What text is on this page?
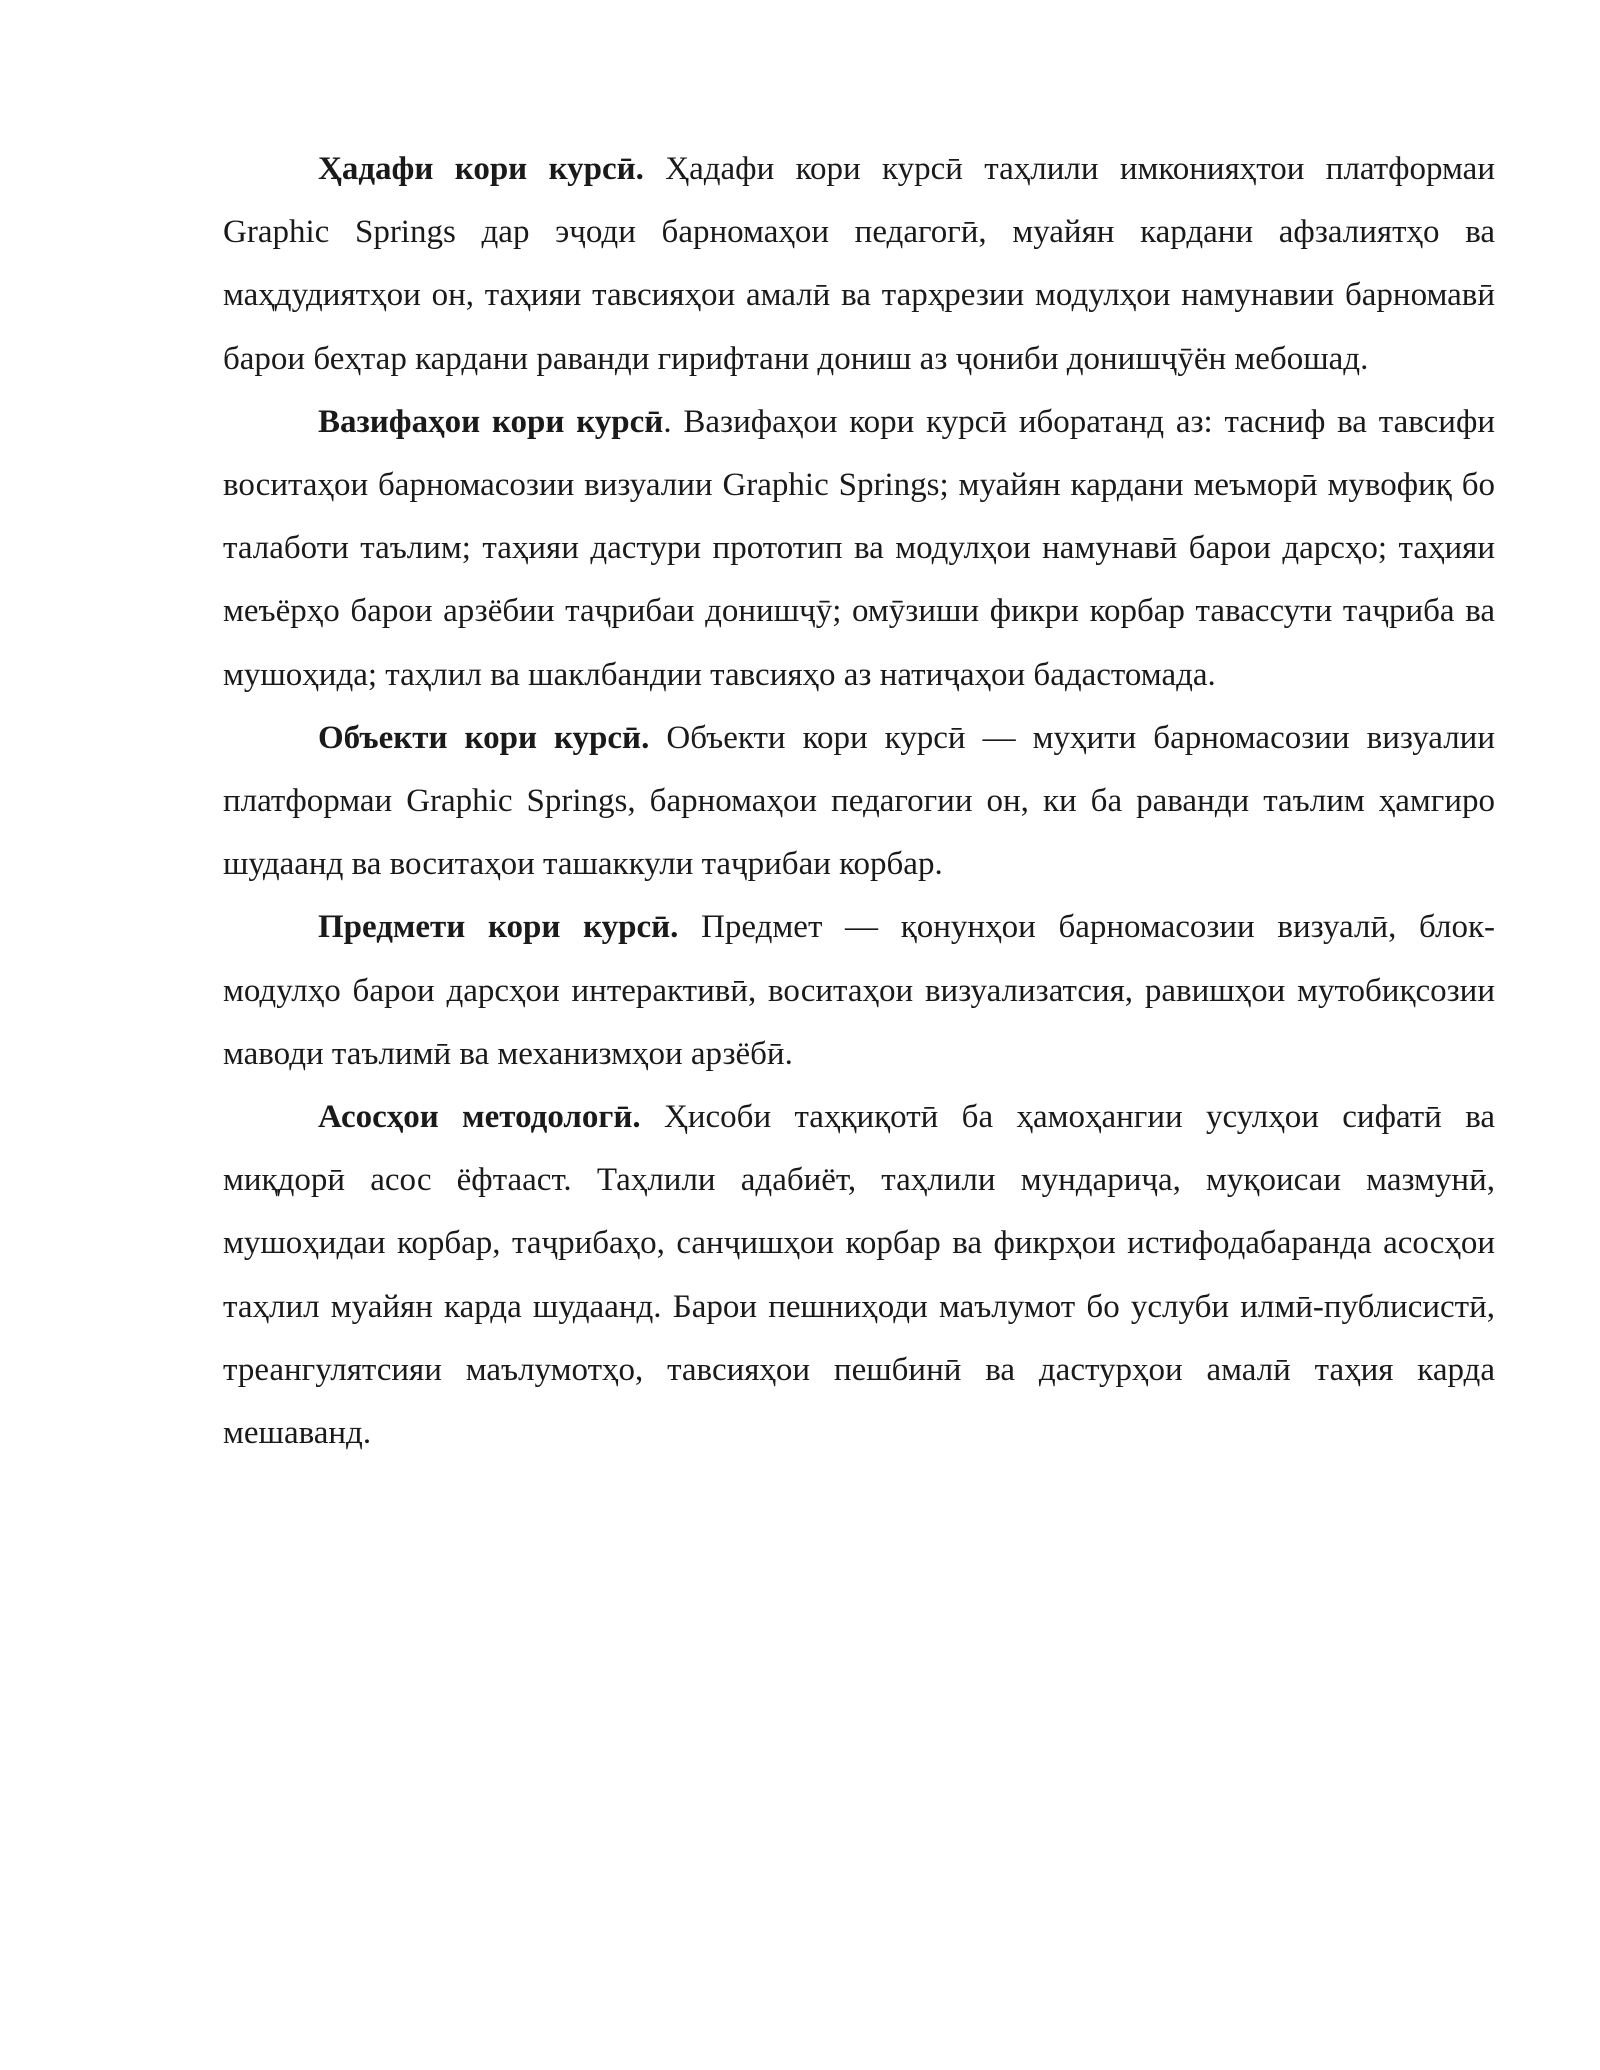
Ҳадафи кори курсӣ. Ҳадафи кори курсӣ таҳлили имконияҳтои платформаи Graphic Springs дар эҷоди барномаҳои педагогӣ, муайян кардани афзалиятҳо ва маҳдудиятҳои он, таҳияи тавсияҳои амалӣ ва тарҳрезии модулҳои намунавии барномавӣ барои беҳтар кардани раванди гирифтани дониш аз ҷониби донишҷӯён мебошад.

Вазифаҳои кори курсӣ. Вазифаҳои кори курсӣ иборатанд аз: тасниф ва тавсифи воситаҳои барномасозии визуалии Graphic Springs; муайян кардани меъморӣ мувофиқ бо талаботи таълим; таҳияи дастури прототип ва модулҳои намунавӣ барои дарсҳо; таҳияи меъёрҳо барои арзёбии таҷрибаи донишҷӯ; омӯзиши фикри корбар тавассути таҷриба ва мушоҳида; таҳлил ва шаклбандии тавсияҳо аз натиҷаҳои бадастомада.

Объекти кори курсӣ. Объекти кори курсӣ — муҳити барномасозии визуалии платформаи Graphic Springs, барномаҳои педагогии он, ки ба раванди таълим ҳамгиро шудаанд ва воситаҳои ташаккули таҷрибаи корбар.

Предмети кори курсӣ. Предмет — қонунҳои барномасозии визуалӣ, блок-модулҳо барои дарсҳои интерактивӣ, воситаҳои визуализатсия, равишҳои мутобиқсозии маводи таълимӣ ва механизмҳои арзёбӣ.

Асосҳои методологӣ. Ҳисоби таҳқиқотӣ ба ҳамоҳангии усулҳои сифатӣ ва миқдорӣ асос ёфтааст. Таҳлили адабиёт, таҳлили мундариҷа, муқоисаи мазмунӣ, мушоҳидаи корбар, таҷрибаҳо, санҷишҳои корбар ва фикрҳои истифодабаранда асосҳои таҳлил муайян карда шудаанд. Барои пешниҳоди маълумот бо услуби илмӣ-публисистӣ, треангулятсияи маълумотҳо, тавсияҳои пешбинӣ ва дастурҳои амалӣ таҳия карда мешаванд.
